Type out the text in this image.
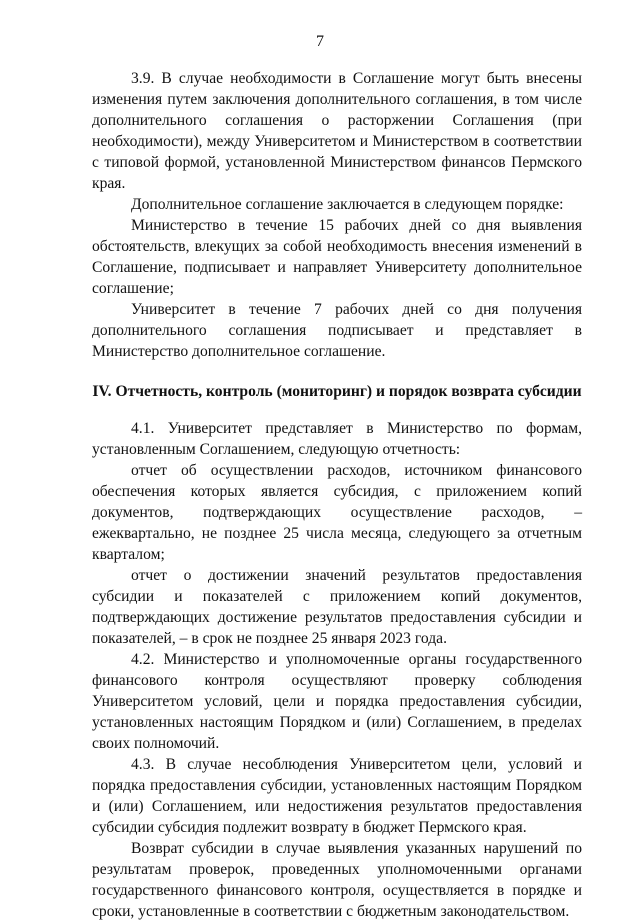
7

3.9. В случае необходимости в Соглашение могут быть внесены изменения путем заключения дополнительного соглашения, в том числе дополнительного соглашения о расторжении Соглашения (при необходимости), между Университетом и Министерством в соответствии с типовой формой, установленной Министерством финансов Пермского края.

Дополнительное соглашение заключается в следующем порядке:

Министерство в течение 15 рабочих дней со дня выявления обстоятельств, влекущих за собой необходимость внесения изменений в Соглашение, подписывает и направляет Университету дополнительное соглашение;

Университет в течение 7 рабочих дней со дня получения дополнительного соглашения подписывает и представляет в Министерство дополнительное соглашение.

IV. Отчетность, контроль (мониторинг) и порядок возврата субсидии

4.1. Университет представляет в Министерство по формам, установленным Соглашением, следующую отчетность:

отчет об осуществлении расходов, источником финансового обеспечения которых является субсидия, с приложением копий документов, подтверждающих осуществление расходов, – ежеквартально, не позднее 25 числа месяца, следующего за отчетным кварталом;

отчет о достижении значений результатов предоставления субсидии и показателей с приложением копий документов, подтверждающих достижение результатов предоставления субсидии и показателей, – в срок не позднее 25 января 2023 года.

4.2. Министерство и уполномоченные органы государственного финансового контроля осуществляют проверку соблюдения Университетом условий, цели и порядка предоставления субсидии, установленных настоящим Порядком и (или) Соглашением, в пределах своих полномочий.

4.3. В случае несоблюдения Университетом цели, условий и порядка предоставления субсидии, установленных настоящим Порядком и (или) Соглашением, или недостижения результатов предоставления субсидии субсидия подлежит возврату в бюджет Пермского края.

Возврат субсидии в случае выявления указанных нарушений по результатам проверок, проведенных уполномоченными органами государственного финансового контроля, осуществляется в порядке и сроки, установленные в соответствии с бюджетным законодательством.
